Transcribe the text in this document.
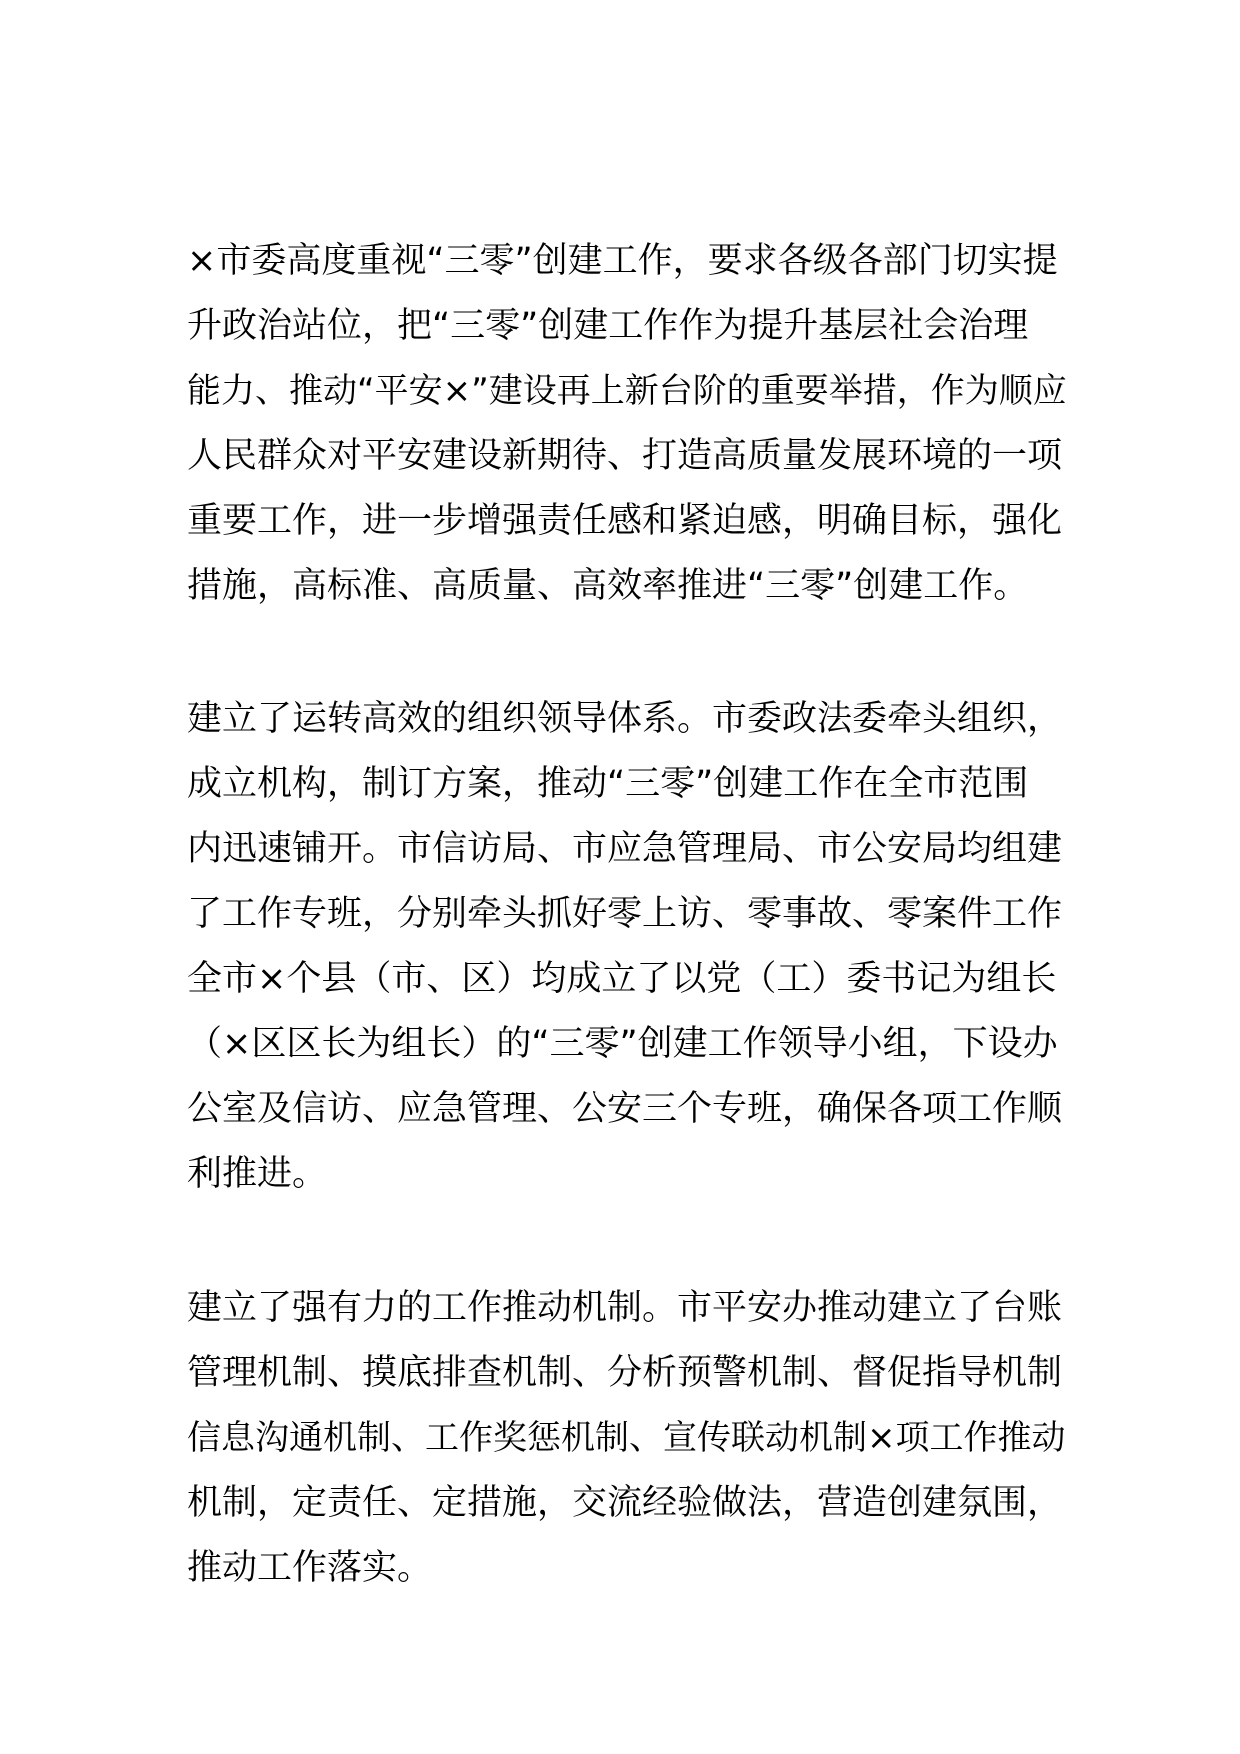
×市委高度重视“三零”创建工作，要求各级各部门切实提
升政治站位，把“三零”创建工作作为提升基层社会治理
能力、推动“平安×”建设再上新台阶的重要举措，作为顺应
人民群众对平安建设新期待、打造高质量发展环境的一项
重要工作，进一步增强责任感和紧迫感，明确目标，强化
措施，高标准、高质量、高效率推进“三零”创建工作。
建立了运转高效的组织领导体系。市委政法委牵头组织，
成立机构，制订方案，推动“三零”创建工作在全市范围
内迅速铺开。市信访局、市应急管理局、市公安局均组建
了工作专班，分别牵头抓好零上访、零事故、零案件工作
全市×个县（市、区）均成立了以党（工）委书记为组长
（×区区长为组长）的“三零”创建工作领导小组，下设办
公室及信访、应急管理、公安三个专班，确保各项工作顺
利推进。
建立了强有力的工作推动机制。市平安办推动建立了台账
管理机制、摸底排查机制、分析预警机制、督促指导机制
信息沟通机制、工作奖惩机制、宣传联动机制×项工作推动
机制，定责任、定措施，交流经验做法，营造创建氛围，
推动工作落实。
